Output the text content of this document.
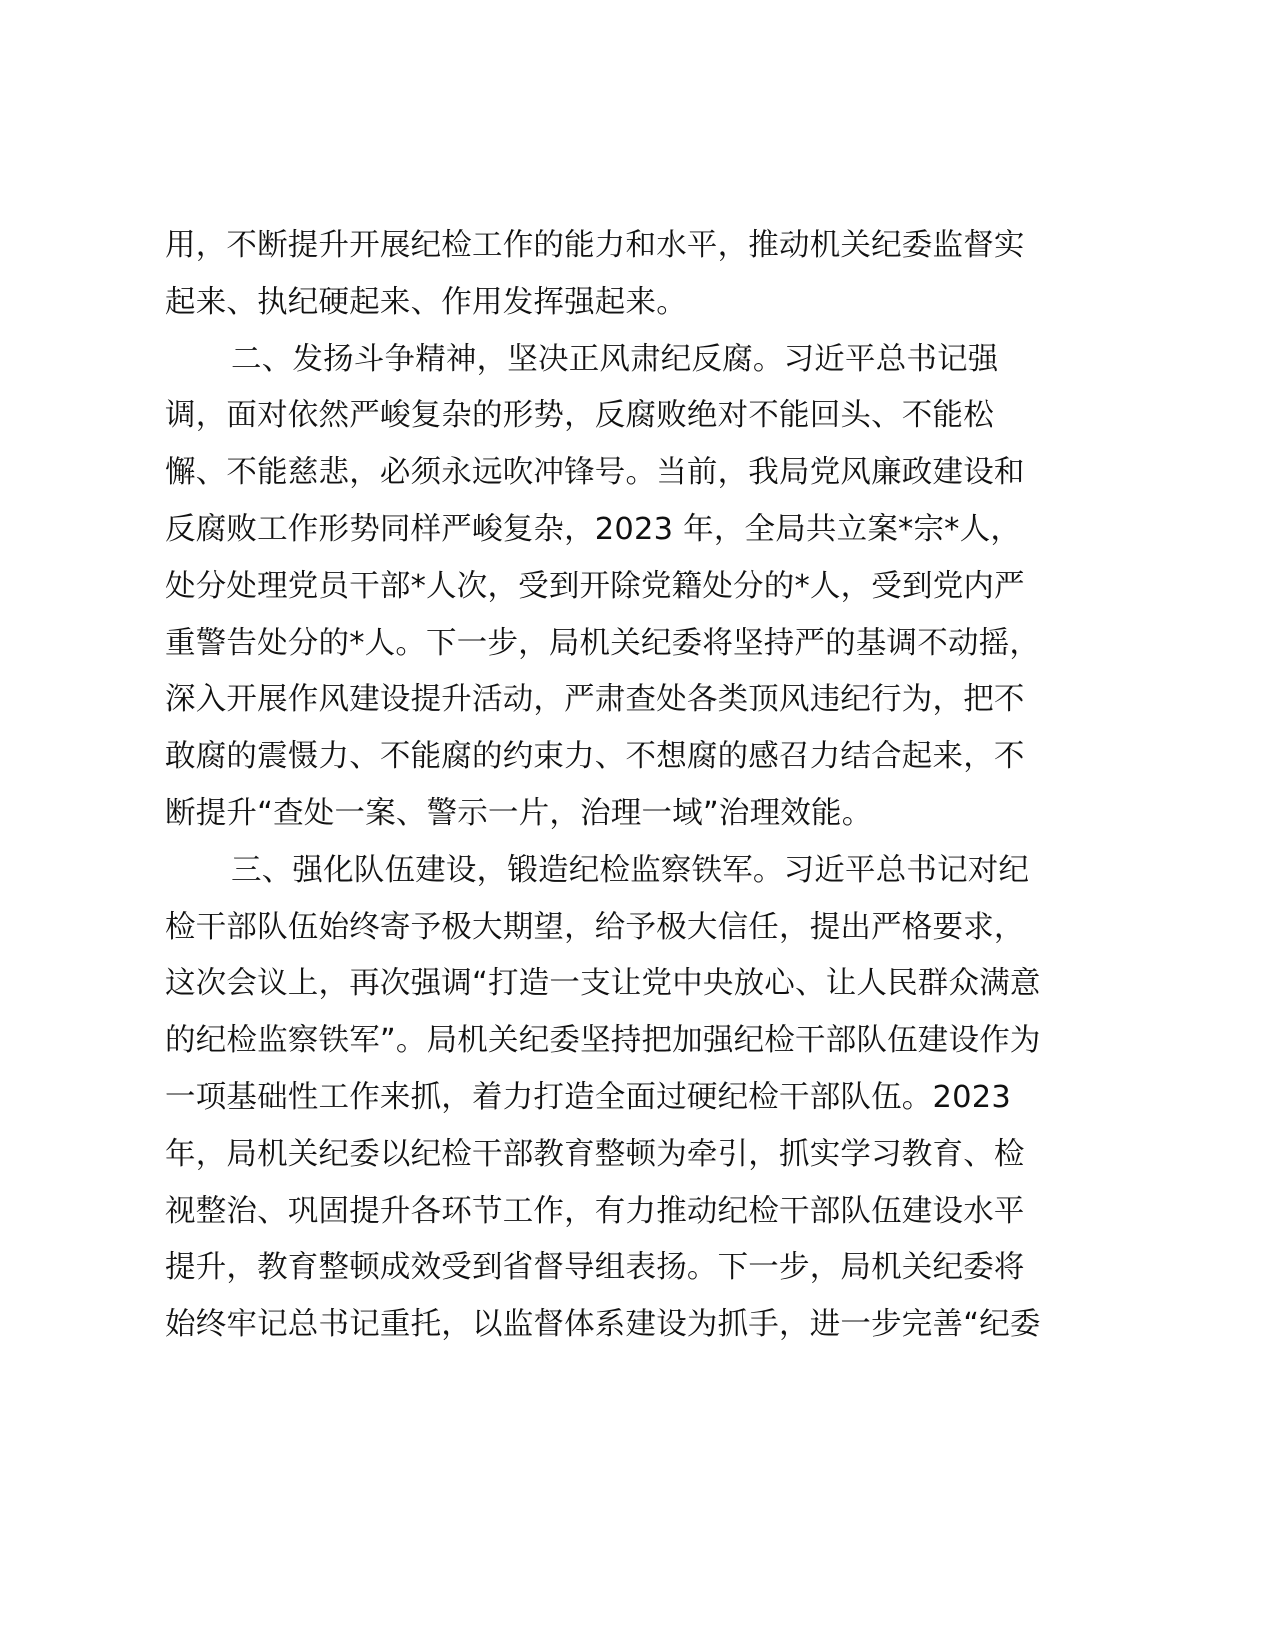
用，不断提升开展纪检工作的能力和水平，推动机关纪委监督实
起来、执纪硬起来、作用发挥强起来。
二、发扬斗争精神，坚决正风肃纪反腐。习近平总书记强
调，面对依然严峻复杂的形势，反腐败绝对不能回头、不能松
懈、不能慈悲，必须永远吹冲锋号。当前，我局党风廉政建设和
反腐败工作形势同样严峻复杂，2023 年，全局共立案*宗*人，
处分处理党员干部*人次，受到开除党籍处分的*人，受到党内严
重警告处分的*人。下一步，局机关纪委将坚持严的基调不动摇，
深入开展作风建设提升活动，严肃查处各类顶风违纪行为，把不
敢腐的震慑力、不能腐的约束力、不想腐的感召力结合起来，不
断提升“查处一案、警示一片，治理一域”治理效能。
三、强化队伍建设，锻造纪检监察铁军。习近平总书记对纪
检干部队伍始终寄予极大期望，给予极大信任，提出严格要求，
这次会议上，再次强调“打造一支让党中央放心、让人民群众满意
的纪检监察铁军”。局机关纪委坚持把加强纪检干部队伍建设作为
一项基础性工作来抓，着力打造全面过硬纪检干部队伍。2023
年，局机关纪委以纪检干部教育整顿为牵引，抓实学习教育、检
视整治、巩固提升各环节工作，有力推动纪检干部队伍建设水平
提升，教育整顿成效受到省督导组表扬。下一步，局机关纪委将
始终牢记总书记重托，以监督体系建设为抓手，进一步完善“纪委
